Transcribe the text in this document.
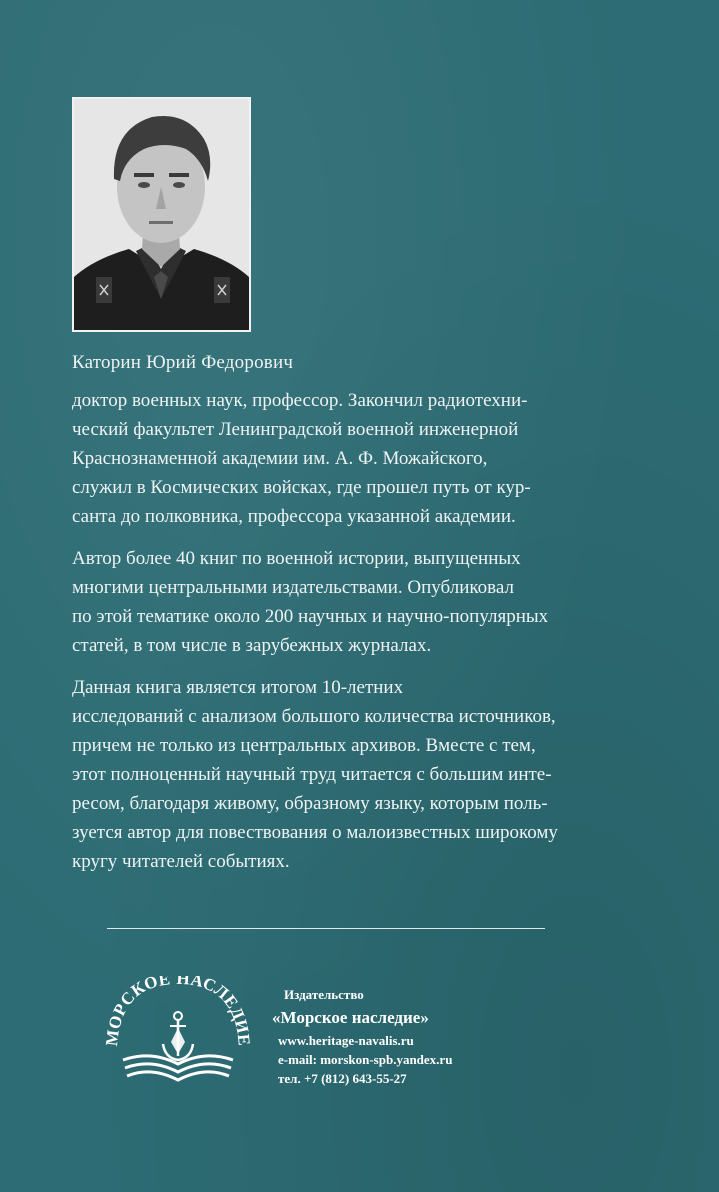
Каторин Юрий Федорович

доктор военных наук, профессор. Закончил радиотехни-
ческий факультет Ленинградской военной инженерной
Краснознаменной академии им. А. Ф. Можайского,
служил в Космических войсках, где прошел путь от кур-
санта до полковника, профессора указанной академии.

Автор более 40 книг по военной истории, выпущенных
многими центральными издательствами. Опубликовал
по этой тематике около 200 научных и научно-популярных
статей, в том числе в зарубежных журналах.

Данная книга является итогом 10-летних
исследований с анализом большого количества источников,
причем не только из центральных архивов. Вместе с тем,
этот полноценный научный труд читается с большим инте-
ресом, благодаря живому, образному языку, которым поль-
зуется автор для повествования о малоизвестных широкому
кругу читателей событиях.

МОРСКОЕ НАСЛЕДИЕ
Издательство
«Морское наследие»
www.heritage-navalis.ru
e-mail: morskon-spb.yandex.ru
тел. +7 (812) 643-55-27
